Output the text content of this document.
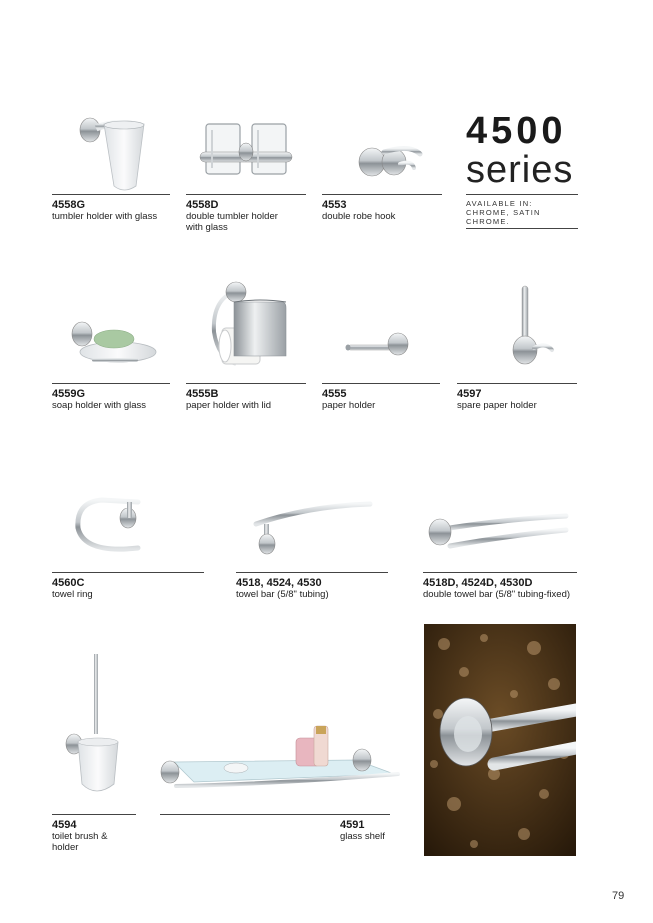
4500
series
AVAILABLE IN:
CHROME, SATIN
CHROME.
4558G
tumbler holder with glass
4558D
double tumbler holder
with glass
4553
double robe hook
4559G
soap holder with glass
4555B
paper holder with lid
4555
paper holder
4597
spare paper holder
4560C
towel ring
4518, 4524, 4530
towel bar (5/8" tubing)
4518D, 4524D, 4530D
double towel bar (5/8" tubing-fixed)
4594
toilet brush & holder
4591
glass shelf
79
